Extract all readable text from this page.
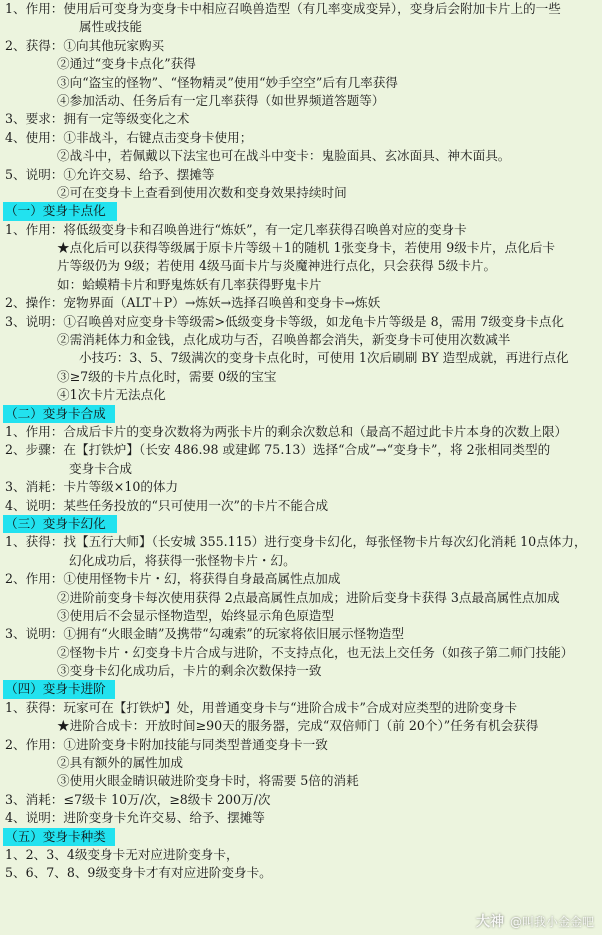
1、作用：使用后可变身为变身卡中相应召唤兽造型（有几率变成变异），变身后会附加卡片上的一些
属性或技能
2、获得：①向其他玩家购买
②通过“变身卡点化”获得
③向“盗宝的怪物”、“怪物精灵”使用“妙手空空”后有几率获得
④参加活动、任务后有一定几率获得（如世界频道答题等）
3、要求：拥有一定等级变化之术
4、使用：①非战斗，右键点击变身卡使用；
②战斗中，若佩戴以下法宝也可在战斗中变卡：鬼脸面具、玄冰面具、神木面具。
5、说明：①允许交易、给予、摆摊等
②可在变身卡上查看到使用次数和变身效果持续时间
（一）变身卡点化
1、作用：将低级变身卡和召唤兽进行“炼妖”，有一定几率获得召唤兽对应的变身卡
★点化后可以获得等级属于原卡片等级＋1的随机 1张变身卡，若使用 9级卡片，点化后卡
片等级仍为 9级；若使用 4级马面卡片与炎魔神进行点化，只会获得 5级卡片。
如：蛤蟆精卡片和野鬼炼妖有几率获得野鬼卡片
2、操作：宠物界面（ALT＋P）→炼妖→选择召唤兽和变身卡→炼妖
3、说明：①召唤兽对应变身卡等级需>低级变身卡等级，如龙龟卡片等级是 8，需用 7级变身卡点化
②需消耗体力和金钱，点化成功与否，召唤兽都会消失，新变身卡可使用次数减半
小技巧：3、5、7级满次的变身卡点化时，可使用 1次后刷刷 BY 造型成就，再进行点化
③≥7级的卡片点化时，需要 0级的宝宝
④1次卡片无法点化
（二）变身卡合成
1、作用：合成后卡片的变身次数将为两张卡片的剩余次数总和（最高不超过此卡片本身的次数上限）
2、步骤：在【打铁炉】（长安 486.98 或建邺 75.13）选择“合成”→“变身卡”，将 2张相同类型的
变身卡合成
3、消耗：卡片等级×10的体力
4、说明：某些任务投放的“只可使用一次”的卡片不能合成
（三）变身卡幻化
1、获得：找【五行大师】（长安城 355.115）进行变身卡幻化，每张怪物卡片每次幻化消耗 10点体力，
幻化成功后，将获得一张怪物卡片・幻。
2、作用：①使用怪物卡片・幻，将获得自身最高属性点加成
②进阶前变身卡每次使用获得 2点最高属性点加成；进阶后变身卡获得 3点最高属性点加成
③使用后不会显示怪物造型，始终显示角色原造型
3、说明：①拥有“火眼金睛”及携带“勾魂索”的玩家将依旧展示怪物造型
②怪物卡片・幻变身卡片合成与进阶，不支持点化，也无法上交任务（如孩子第二师门技能）
③变身卡幻化成功后，卡片的剩余次数保持一致
（四）变身卡进阶
1、获得：玩家可在【打铁炉】处，用普通变身卡与“进阶合成卡”合成对应类型的进阶变身卡
★进阶合成卡：开放时间≥90天的服务器，完成“双倍师门（前 20个）”任务有机会获得
2、作用：①进阶变身卡附加技能与同类型普通变身卡一致
②具有额外的属性加成
③使用火眼金睛识破进阶变身卡时，将需要 5倍的消耗
3、消耗：≤7级卡 10万/次，≥8级卡 200万/次
4、说明：进阶变身卡允许交易、给予、摆摊等
（五）变身卡种类
1、2、3、4级变身卡无对应进阶变身卡，
5、6、7、8、9级变身卡才有对应进阶变身卡。
大神 @叫我小金金吧
